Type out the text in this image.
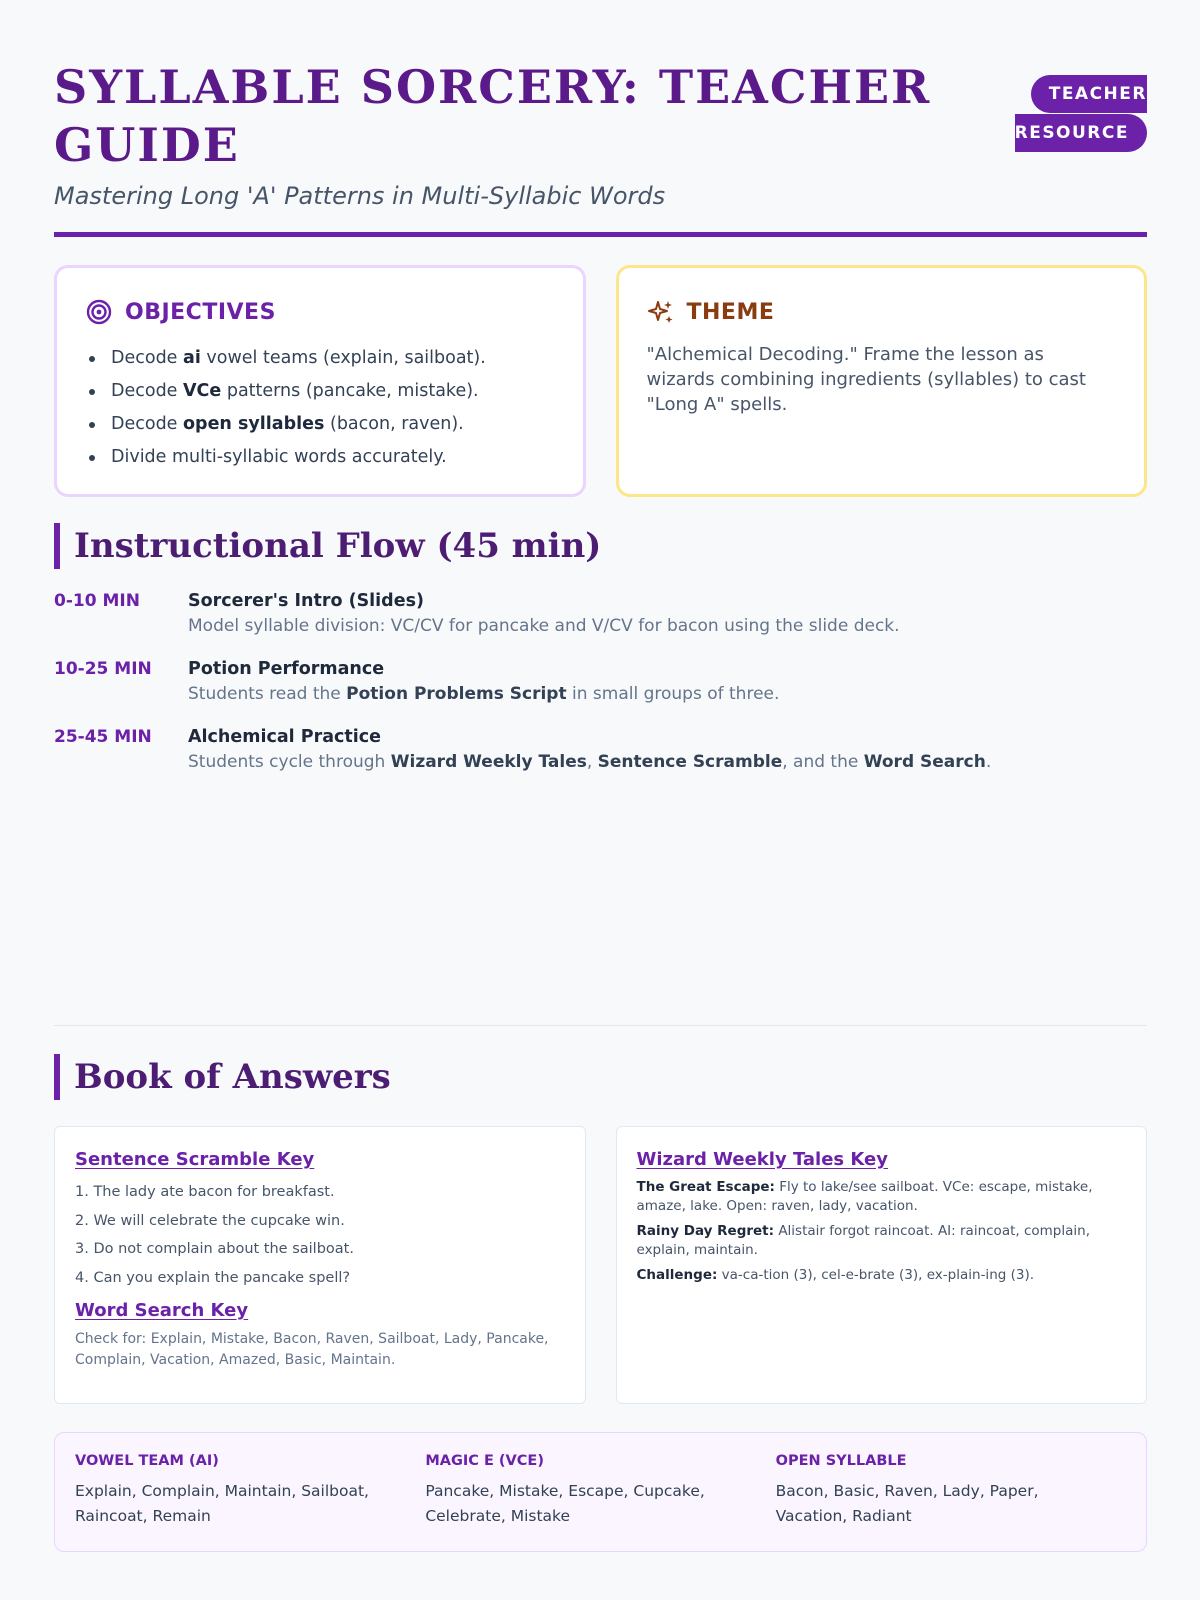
SYLLABLE SORCERY: TEACHER GUIDE
Mastering Long 'A' Patterns in Multi-Syllabic Words
TEACHER
RESOURCE
OBJECTIVES
Decode ai vowel teams (explain, sailboat).
Decode VCe patterns (pancake, mistake).
Decode open syllables (bacon, raven).
Divide multi-syllabic words accurately.
THEME

"Alchemical Decoding." Frame the lesson as wizards combining ingredients (syllables) to cast "Long A" spells.

Instructional Flow (45 min)
0-10 MIN	Sorcerer's Intro (Slides)
Model syllable division: VC/CV for pancake and V/CV for bacon using the slide deck.
10-25 MIN	Potion Performance
Students read the Potion Problems Script in small groups of three.
25-45 MIN	Alchemical Practice
Students cycle through Wizard Weekly Tales, Sentence Scramble, and the Word Search.
Book of Answers
Sentence Scramble Key
1. The lady ate bacon for breakfast.
2. We will celebrate the cupcake win.
3. Do not complain about the sailboat.
4. Can you explain the pancake spell?
Word Search Key
Check for: Explain, Mistake, Bacon, Raven, Sailboat, Lady, Pancake, Complain, Vacation, Amazed, Basic, Maintain.
Wizard Weekly Tales Key
The Great Escape: Fly to lake/see sailboat. VCe: escape, mistake, amaze, lake. Open: raven, lady, vacation.
Rainy Day Regret: Alistair forgot raincoat. AI: raincoat, complain, explain, maintain.
Challenge: va-ca-tion (3), cel-e-brate (3), ex-plain-ing (3).
VOWEL TEAM (AI)
Explain, Complain, Maintain, Sailboat, Raincoat, Remain
MAGIC E (VCE)
Pancake, Mistake, Escape, Cupcake, Celebrate, Mistake
OPEN SYLLABLE
Bacon, Basic, Raven, Lady, Paper, Vacation, Radiant
